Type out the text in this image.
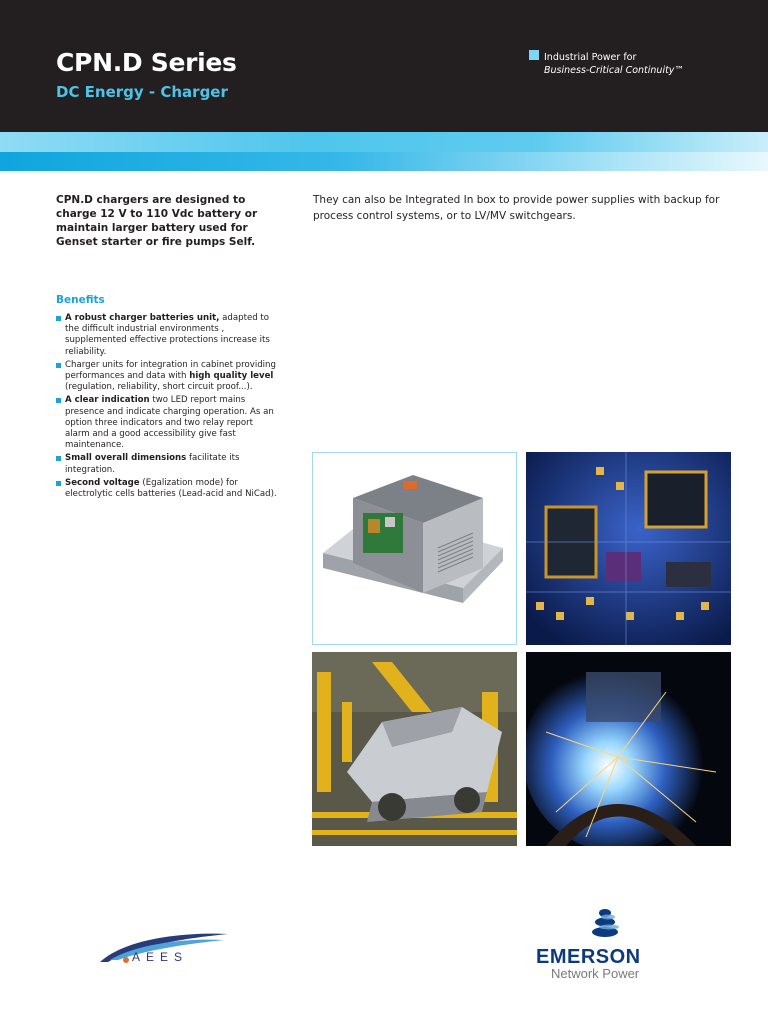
CPN.D Series
DC Energy - Charger
Industrial Power for
Business-Critical Continuity™

CPN.D chargers are designed to charge 12 V to 110 Vdc battery or maintain larger battery used for Genset starter or fire pumps Self.

They can also be Integrated In box to provide power supplies with backup for process control systems, or to LV/MV switchgears.

Benefits
A robust charger batteries unit, adapted to the difficult industrial environments , supplemented effective protections increase its reliability.
Charger units for integration in cabinet providing performances and data with high quality level (regulation, reliability, short circuit proof...).
A clear indication two LED report mains presence and indicate charging operation. As an option three indicators and two relay report alarm and a good accessibility give fast maintenance.
Small overall dimensions facilitate its integration.
Second voltage (Egalization mode) for electrolytic cells batteries (Lead-acid and NiCad).
AEES	EMERSON
Network Power
